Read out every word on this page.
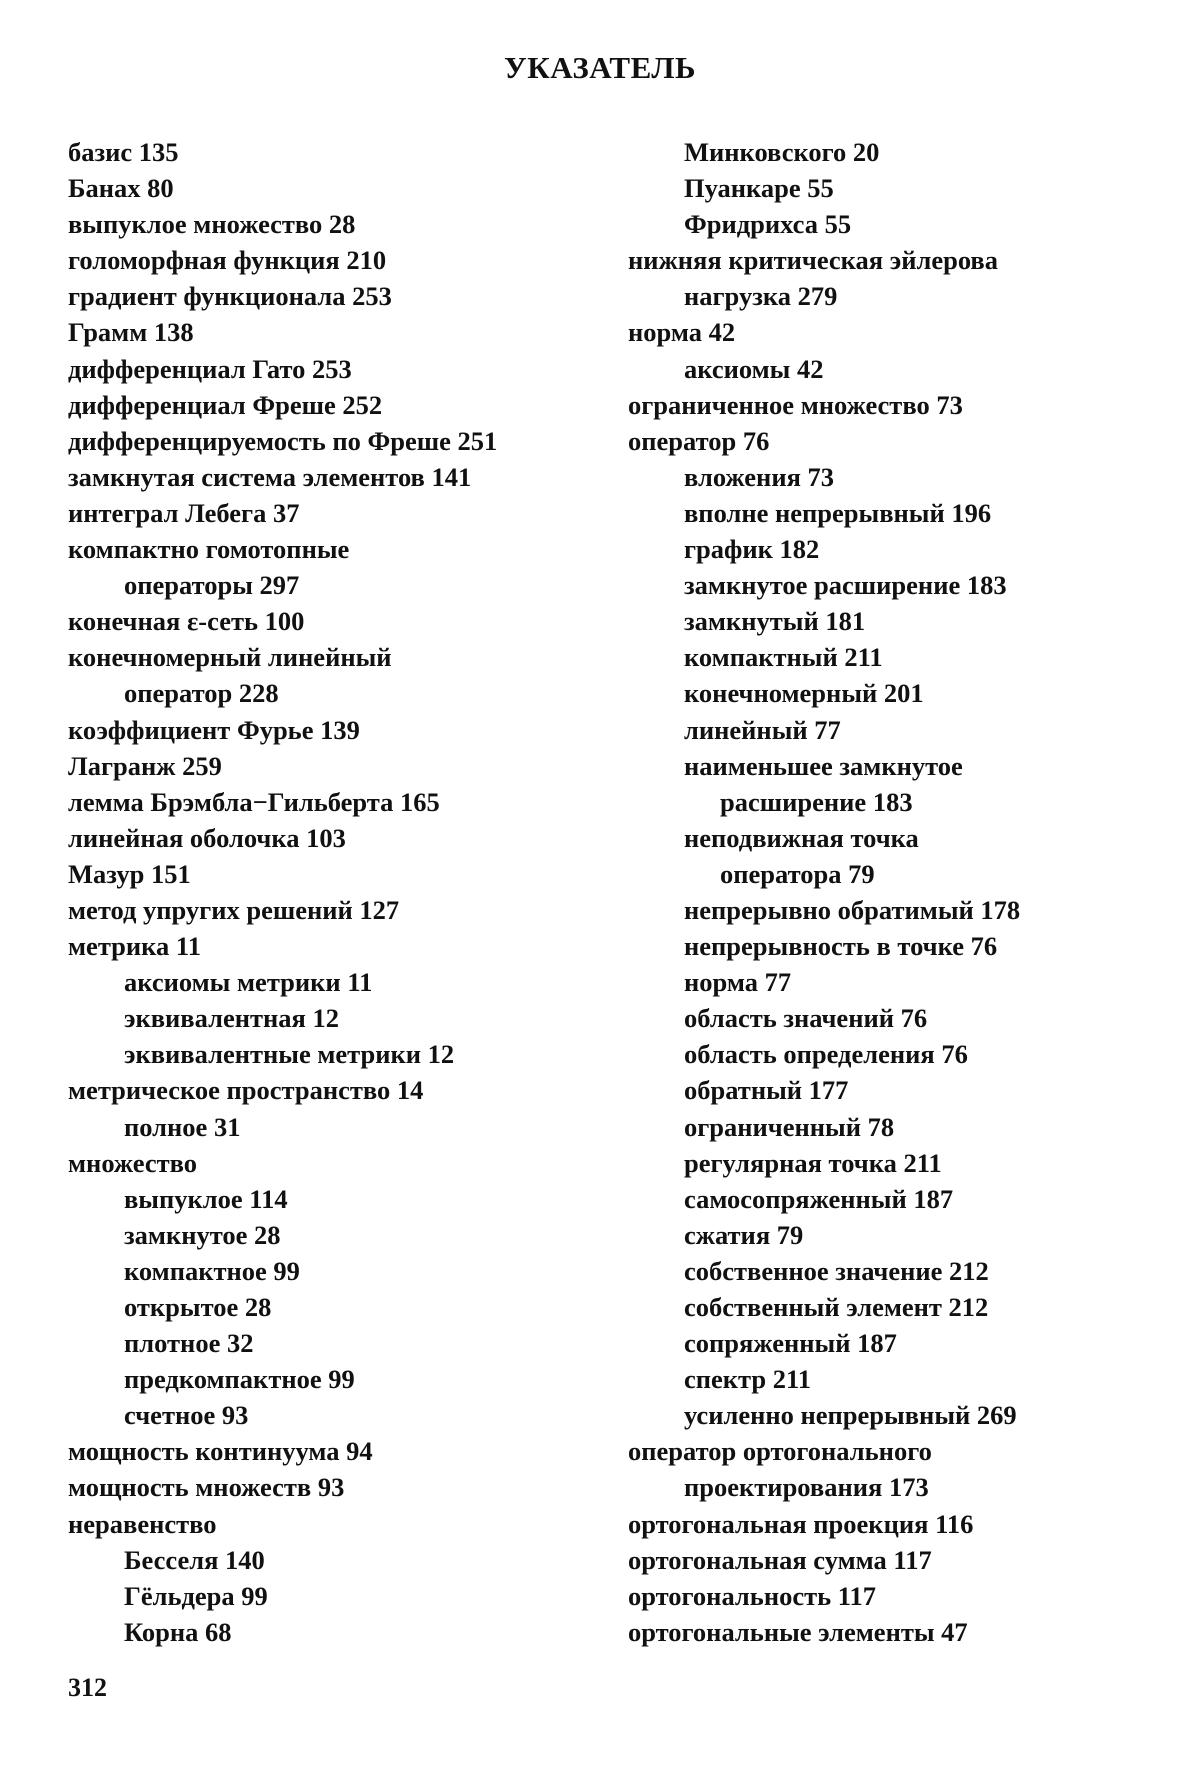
УКАЗАТЕЛЬ
базис 135
Банах 80
выпуклое множество 28
голоморфная функция 210
градиент функционала 253
Грамм 138
дифференциал Гато 253
дифференциал Фреше 252
дифференцируемость по Фреше 251
замкнутая система элементов 141
интеграл Лебега 37
компактно гомотопные
операторы 297
конечная ε-сеть 100
конечномерный линейный
оператор 228
коэффициент Фурье 139
Лагранж 259
лемма Брэмбла−Гильберта 165
линейная оболочка 103
Мазур 151
метод упругих решений 127
метрика 11
аксиомы метрики 11
эквивалентная 12
эквивалентные метрики 12
метрическое пространство 14
полное 31
множество
выпуклое 114
замкнутое 28
компактное 99
открытое 28
плотное 32
предкомпактное 99
счетное 93
мощность континуума 94
мощность множеств 93
неравенство
Бесселя 140
Гёльдера 99
Корна 68
Минковского 20
Пуанкаре 55
Фридрихса 55
нижняя критическая эйлерова
нагрузка 279
норма 42
аксиомы 42
ограниченное множество 73
оператор 76
вложения 73
вполне непрерывный 196
график 182
замкнутое расширение 183
замкнутый 181
компактный 211
конечномерный 201
линейный 77
наименьшее замкнутое
расширение 183
неподвижная точка
оператора 79
непрерывно обратимый 178
непрерывность в точке 76
норма 77
область значений 76
область определения 76
обратный 177
ограниченный 78
регулярная точка 211
самосопряженный 187
сжатия 79
собственное значение 212
собственный элемент 212
сопряженный 187
спектр 211
усиленно непрерывный 269
оператор ортогонального
проектирования 173
ортогональная проекция 116
ортогональная сумма 117
ортогональность 117
ортогональные элементы 47
312
